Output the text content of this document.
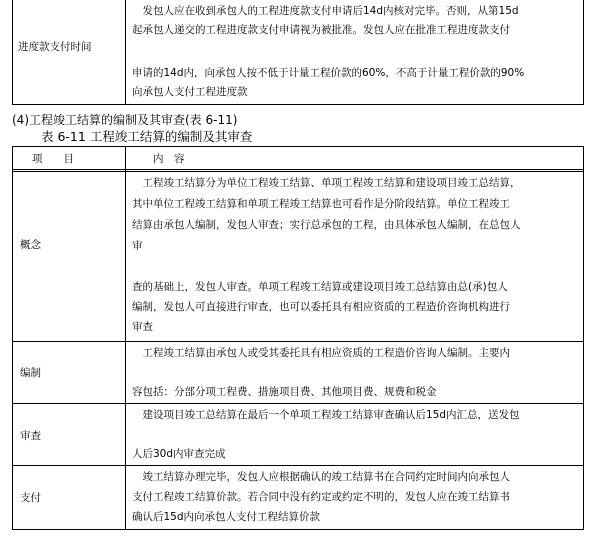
进度款支付时间
　发包人应在收到承包人的工程进度款支付申请后14d内核对完毕。否则，从第15d
起承包人递交的工程进度款支付申请视为被批准。发包人应在批准工程进度款支付
申请的14d内，向承包人按不低于计量工程价款的60%，不高于计量工程价款的90%
向承包人支付工程进度款
(4)工程竣工结算的编制及其审查(表 6-11)
表 6-11 工程竣工结算的编制及其审查
项　　目	内　容
概念
　工程竣工结算分为单位工程竣工结算、单项工程竣工结算和建设项目竣工总结算，
其中单位工程竣工结算和单项工程竣工结算也可看作是分阶段结算。单位工程竣工
结算由承包人编制，发包人审查；实行总承包的工程，由具体承包人编制，在总包人
审
查的基础上，发包人审查。单项工程竣工结算或建设项目竣工总结算由总(承)包人
编制，发包人可直接进行审查，也可以委托具有相应资质的工程造价咨询机构进行
审查
编制
　工程竣工结算由承包人或受其委托具有相应资质的工程造价咨询人编制。主要内
容包括：分部分项工程费、措施项目费、其他项目费、规费和税金
审查
　建设项目竣工总结算在最后一个单项工程竣工结算审查确认后15d内汇总，送发包
人后30d内审查完成
支付
　竣工结算办理完毕，发包人应根据确认的竣工结算书在合同约定时间内向承包人
支付工程竣工结算价款。若合同中没有约定或约定不明的，发包人应在竣工结算书
确认后15d内向承包人支付工程结算价款
